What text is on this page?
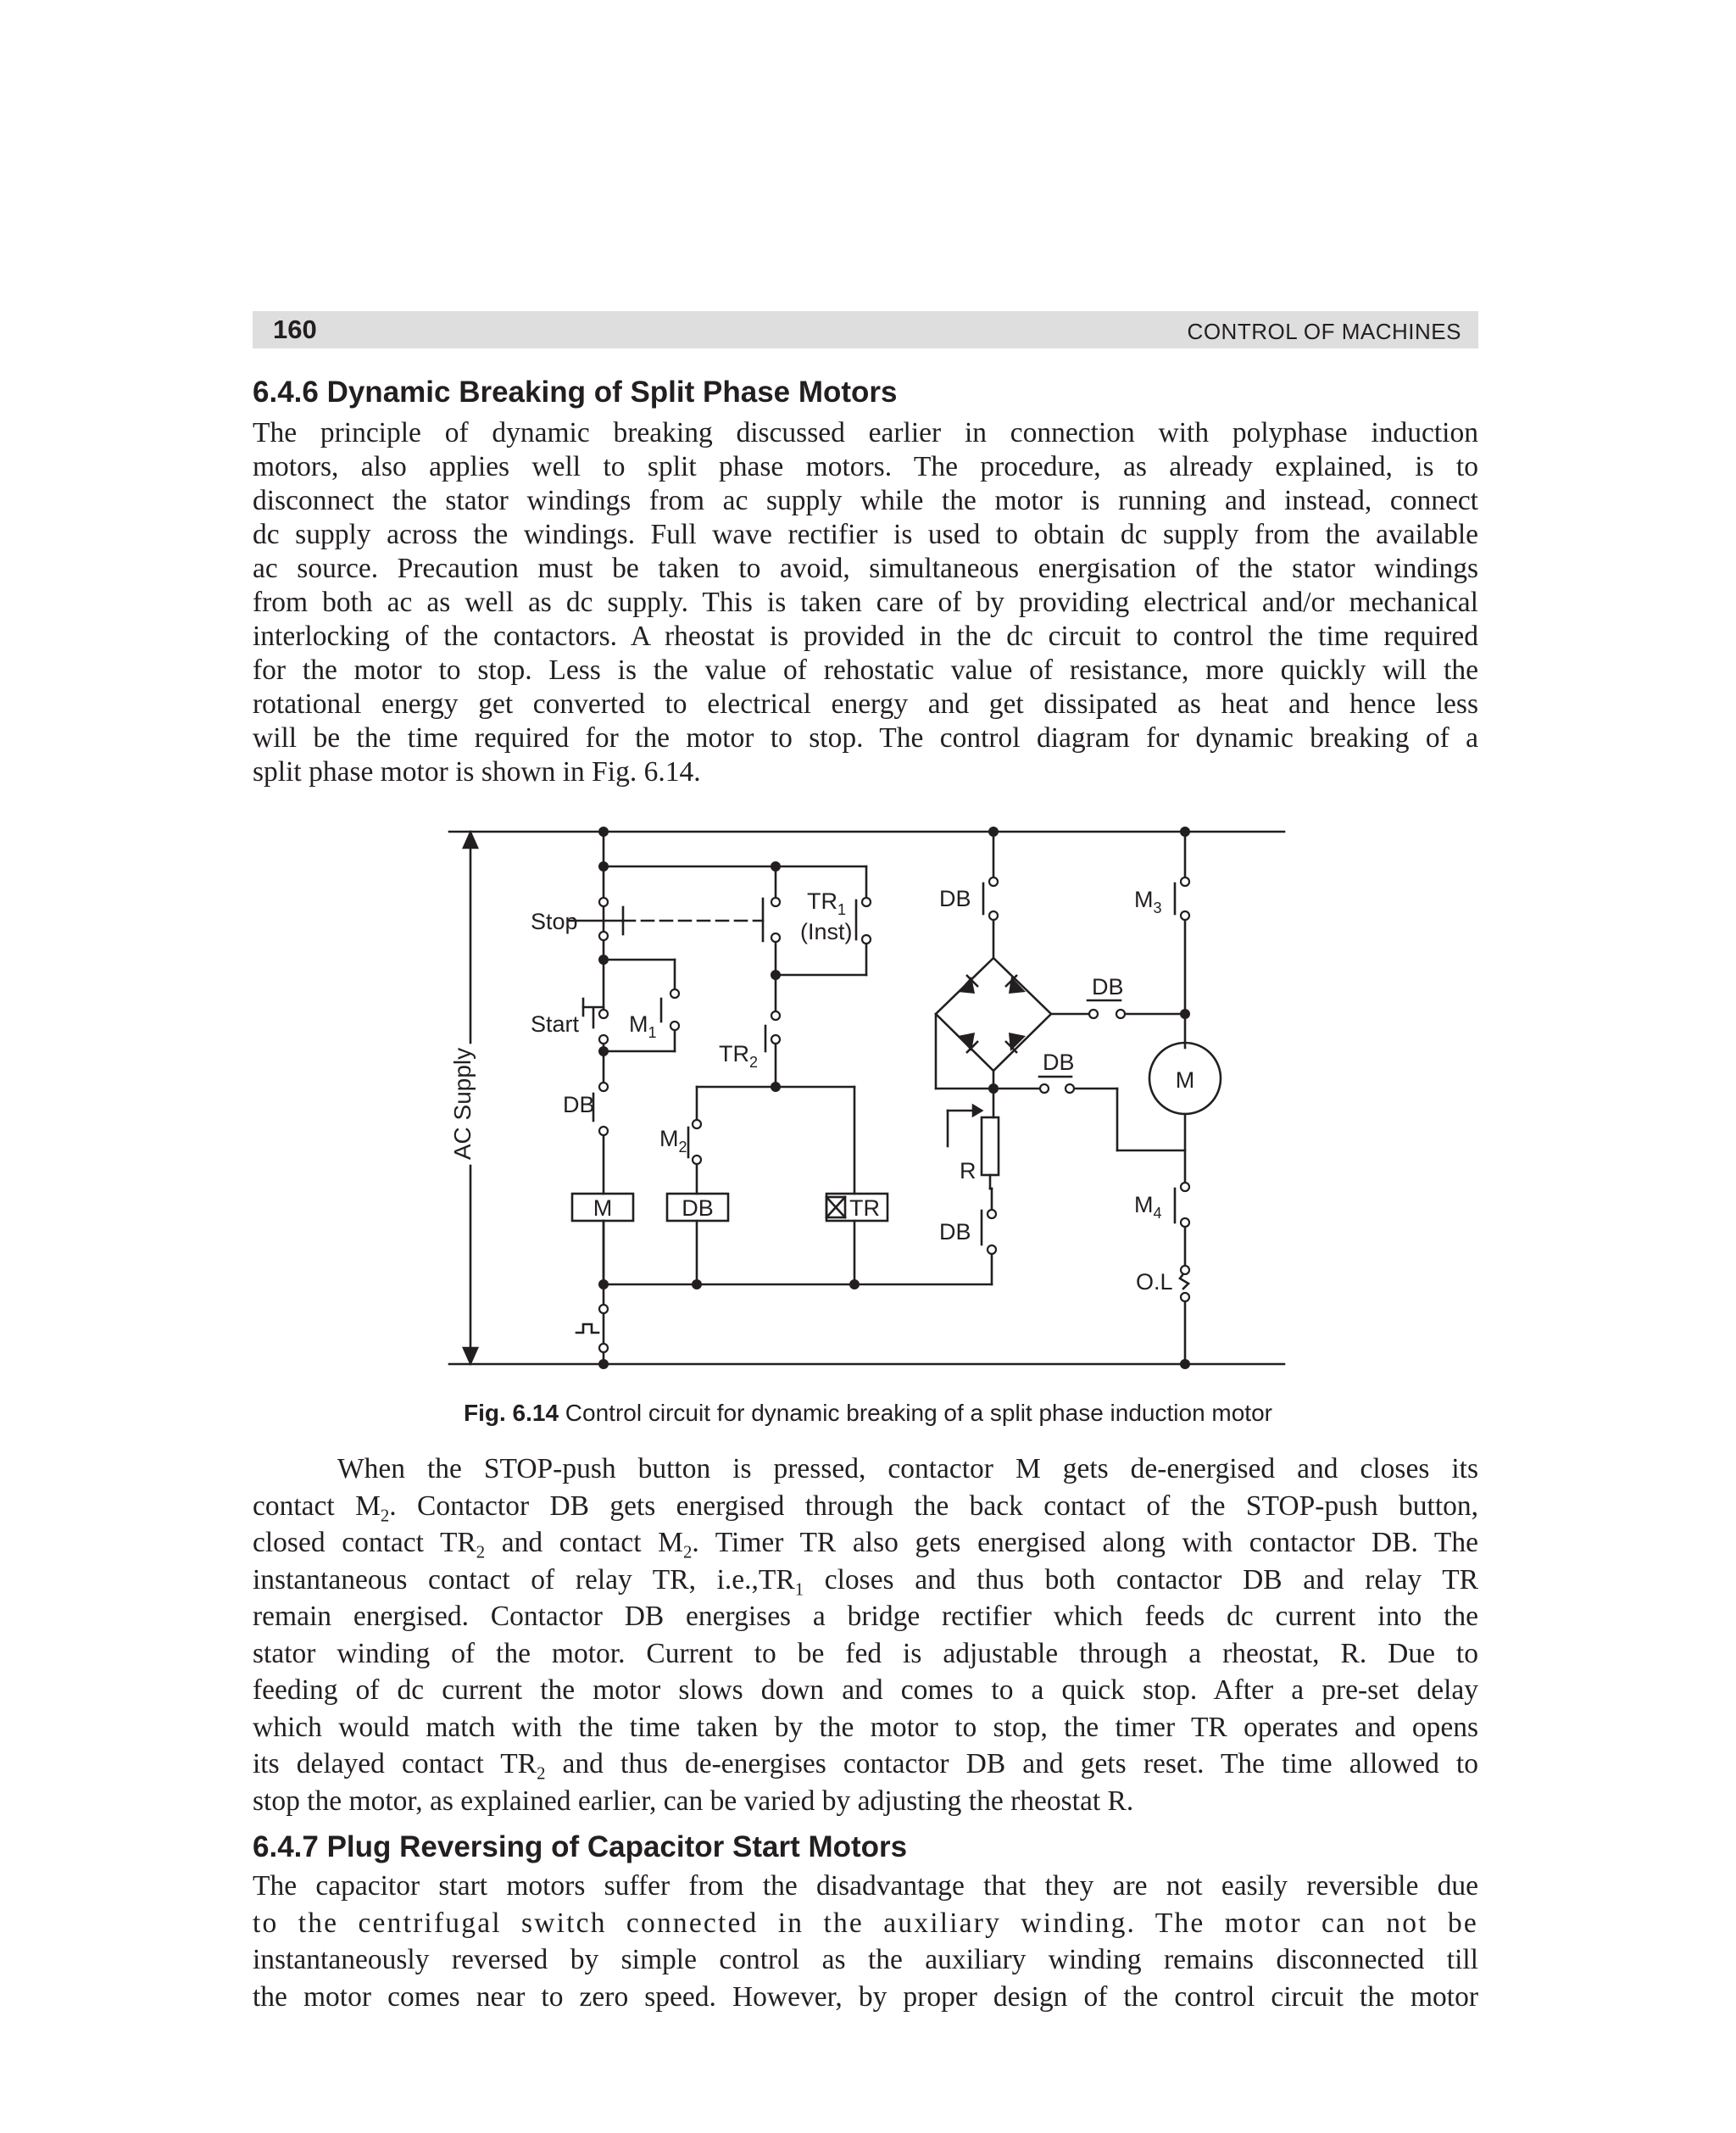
160	CONTROL OF MACHINES
6.4.6 Dynamic Breaking of Split Phase Motors
The principle of dynamic breaking discussed earlier in connection with polyphase induction
motors, also applies well to split phase motors. The procedure, as already explained, is to
disconnect the stator windings from ac supply while the motor is running and instead, connect
dc supply across the windings. Full wave rectifier is used to obtain dc supply from the available
ac source. Precaution must be taken to avoid, simultaneous energisation of the stator windings
from both ac as well as dc supply. This is taken care of by providing electrical and/or mechanical
interlocking of the contactors. A rheostat is provided in the dc circuit to control the time required
for the motor to stop. Less is the value of rehostatic value of resistance, more quickly will the
rotational energy get converted to electrical energy and get dissipated as heat and hence less
will be the time required for the motor to stop. The control diagram for dynamic breaking of a
split phase motor is shown in Fig. 6.14.
AC Supply
Stop
Start $M_1$
$TR_1$
(Inst)
$TR_2$
DB
DB
$M_2$
M	DB	TR
DB
DB
DB
R
$M_3$
$M_4$
M
O.L
Fig. 6.14 Control circuit for dynamic breaking of a split phase induction motor
When the STOP-push button is pressed, contactor M gets de-energised and closes its
contact $M_2$. Contactor DB gets energised through the back contact of the STOP-push button,
closed contact $TR_2$ and contact $M_2$. Timer TR also gets energised along with contactor DB. The
instantaneous contact of relay TR, $i.e.,TR_1$ closes and thus both contactor DB and relay TR
remain energised. Contactor DB energises a bridge rectifier which feeds dc current into the
stator winding of the motor. Current to be fed is adjustable through a rheostat, R. Due to
feeding of dc current the motor slows down and comes to a quick stop. After a pre-set delay
which would match with the time taken by the motor to stop, the timer TR operates and opens
its delayed contact $TR_2$ and thus de-energises contactor DB and gets reset. The time allowed to
stop the motor, as explained earlier, can be varied by adjusting the rheostat R.
6.4.7 Plug Reversing of Capacitor Start Motors
The capacitor start motors suffer from the disadvantage that they are not easily reversible due
to the centrifugal switch connected in the auxiliary winding. The motor can not be
instantaneously reversed by simple control as the auxiliary winding remains disconnected till
the motor comes near to zero speed. However, by proper design of the control circuit the motor
